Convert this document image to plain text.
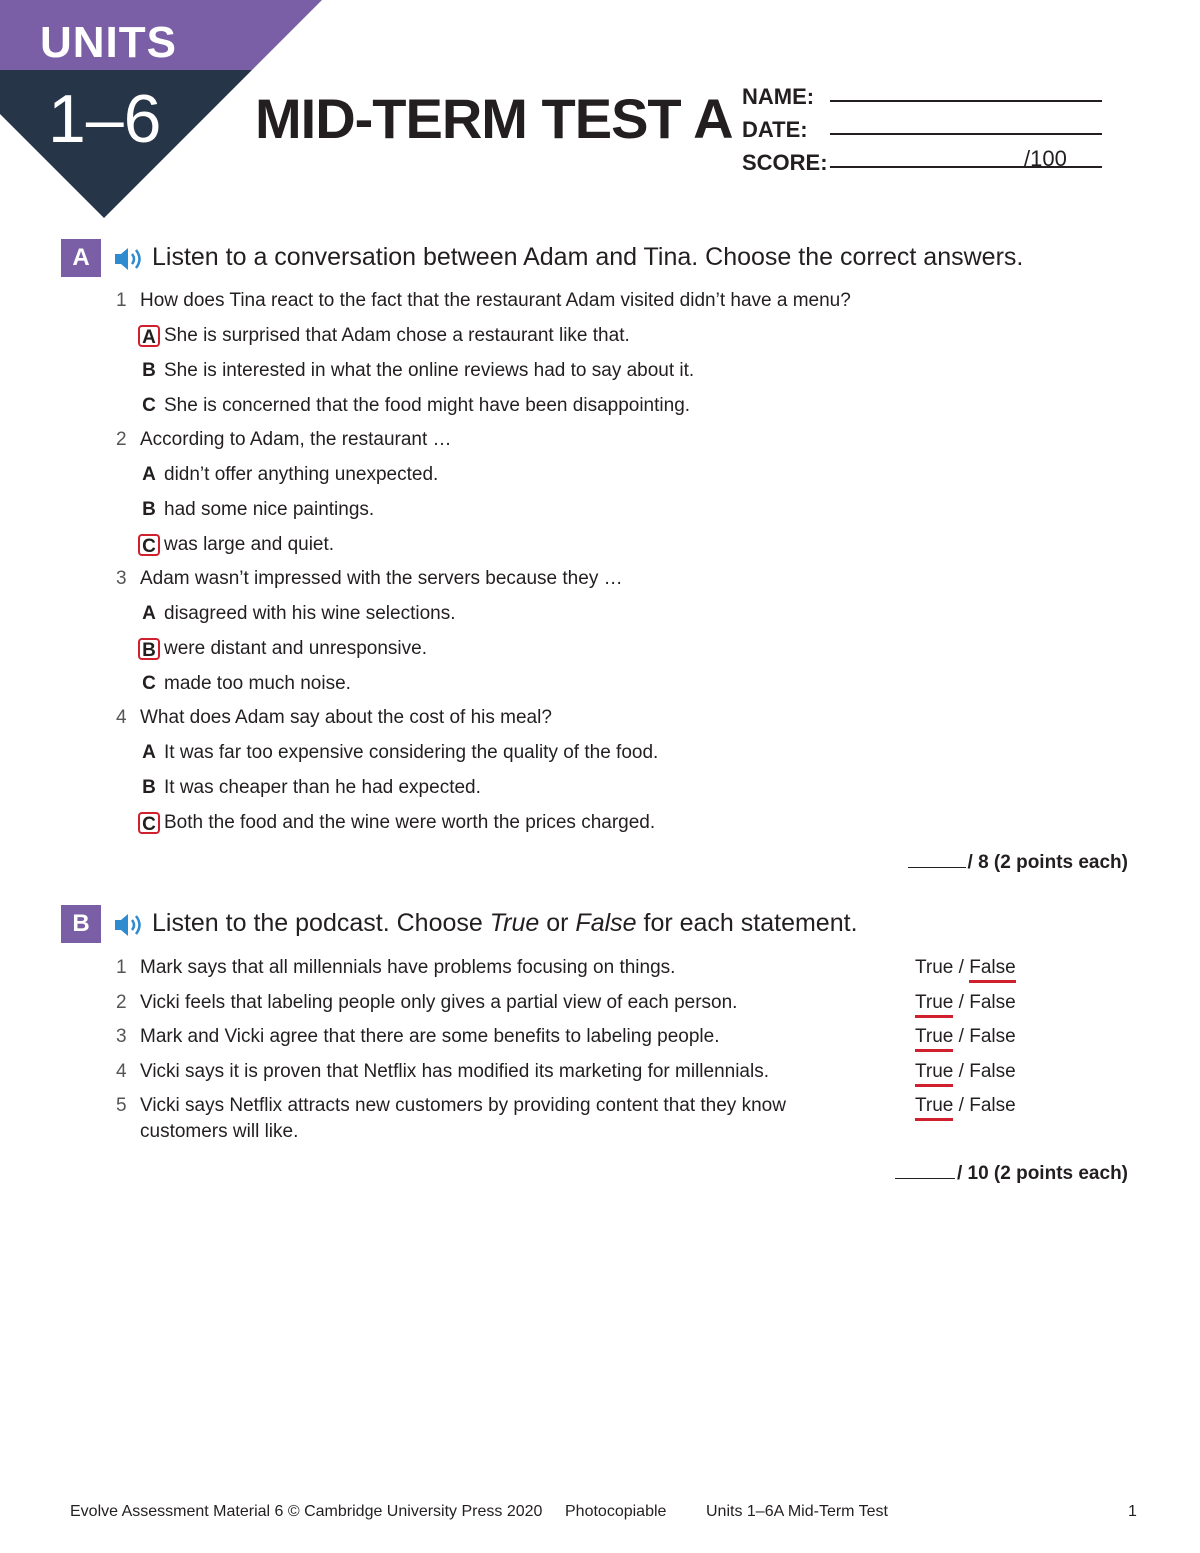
UNITS
1–6 MID-TERM TEST A NAME:
DATE:
SCORE:	/100
A	Listen to a conversation between Adam and Tina. Choose the correct answers.
1 How does Tina react to the fact that the restaurant Adam visited didn’t have a menu?
A She is surprised that Adam chose a restaurant like that.
B She is interested in what the online reviews had to say about it.
C She is concerned that the food might have been disappointing.
2 According to Adam, the restaurant …
A didn’t offer anything unexpected.
B had some nice paintings.
C was large and quiet.
3 Adam wasn’t impressed with the servers because they …
A disagreed with his wine selections.
B were distant and unresponsive.
C made too much noise.
4 What does Adam say about the cost of his meal?
A It was far too expensive considering the quality of the food.
B It was cheaper than he had expected.
C Both the food and the wine were worth the prices charged.
/ 8 (2 points each)
B	Listen to the podcast. Choose True or False for each statement.
1 Mark says that all millennials have problems focusing on things.	True / False
2 Vicki feels that labeling people only gives a partial view of each person.	True / False
3 Mark and Vicki agree that there are some benefits to labeling people.	True / False
4 Vicki says it is proven that Netflix has modified its marketing for millennials.	True / False
5 Vicki says Netflix attracts new customers by providing content that they know
customers will like.
True / False
/ 10 (2 points each)
Evolve Assessment Material 6 © Cambridge University Press 2020 Photocopiable Units 1–6A Mid-Term Test	1
